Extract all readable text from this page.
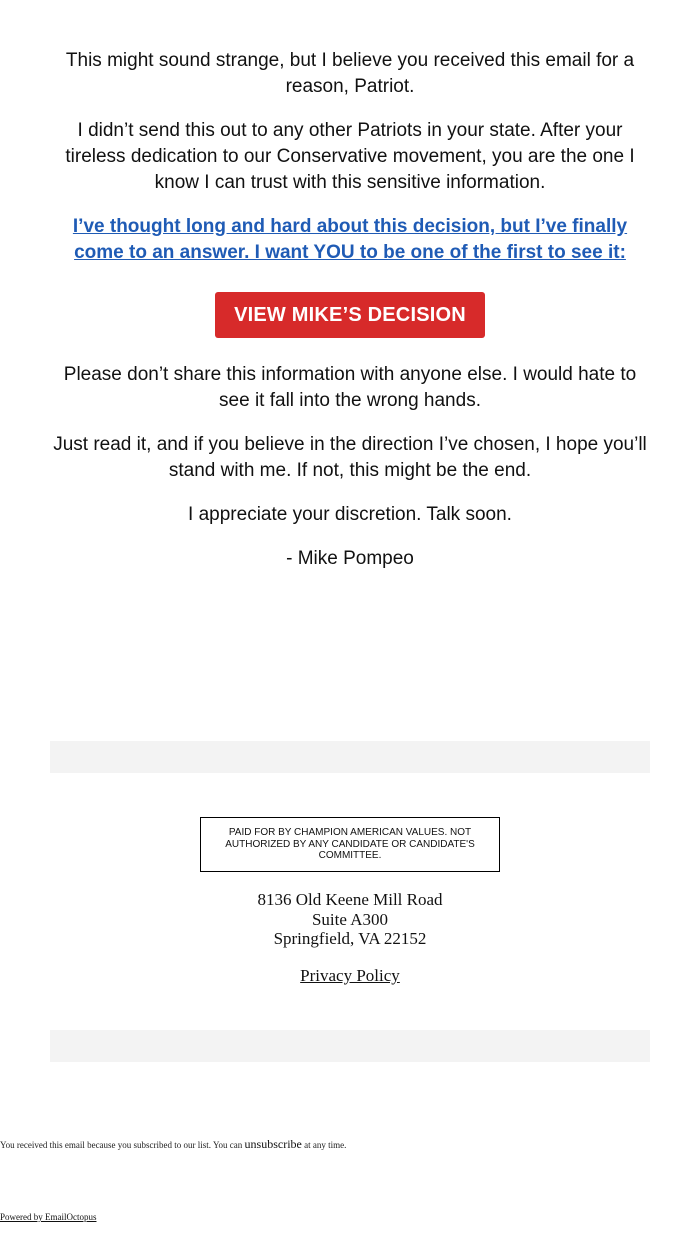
This might sound strange, but I believe you received this email for a reason, Patriot.

I didn’t send this out to any other Patriots in your state. After your tireless dedication to our Conservative movement, you are the one I know I can trust with this sensitive information.

I’ve thought long and hard about this decision, but I’ve finally come to an answer. I want YOU to be one of the first to see it:

VIEW MIKE’S DECISION

Please don’t share this information with anyone else. I would hate to see it fall into the wrong hands.

Just read it, and if you believe in the direction I’ve chosen, I hope you’ll stand with me. If not, this might be the end.

I appreciate your discretion. Talk soon.

- Mike Pompeo

PAID FOR BY CHAMPION AMERICAN VALUES. NOT AUTHORIZED BY ANY CANDIDATE OR CANDIDATE'S COMMITTEE.
8136 Old Keene Mill Road
Suite A300
Springfield, VA 22152
Privacy Policy
You received this email because you subscribed to our list. You can unsubscribe at any time.
Powered by EmailOctopus
